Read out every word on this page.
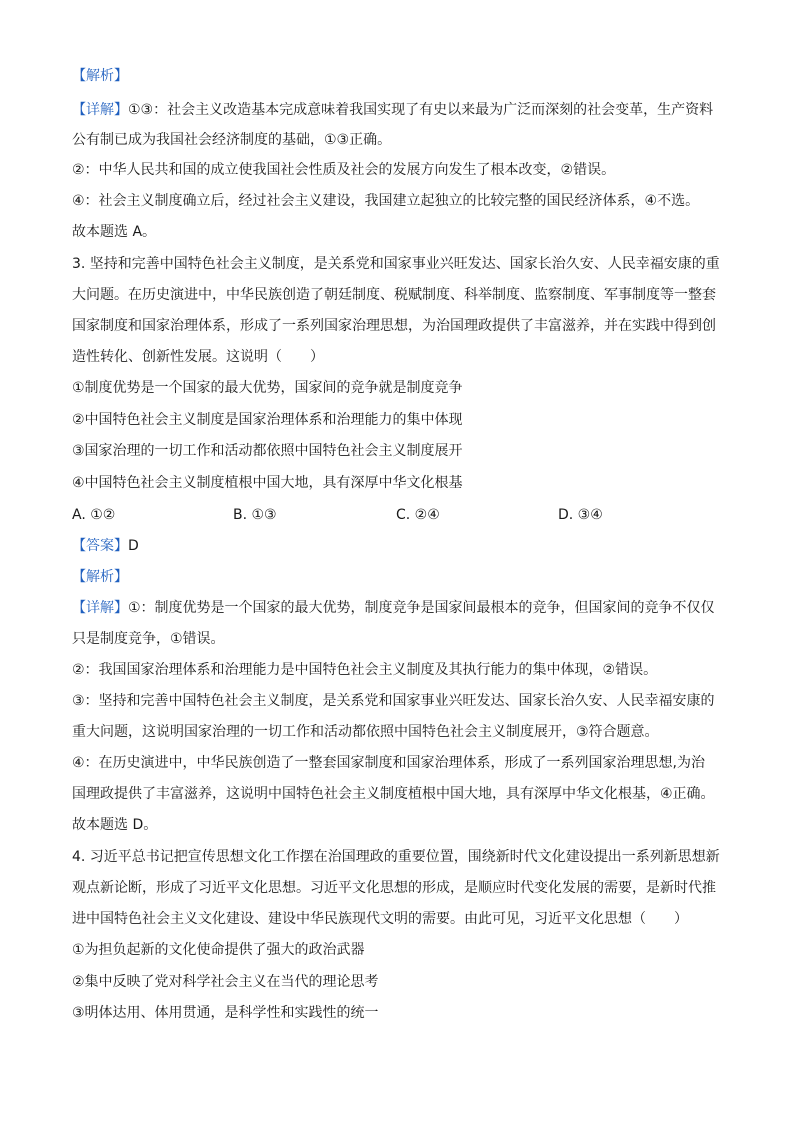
【解析】
【详解】①③：社会主义改造基本完成意味着我国实现了有史以来最为广泛而深刻的社会变革，生产资料
公有制已成为我国社会经济制度的基础，①③正确。
②：中华人民共和国的成立使我国社会性质及社会的发展方向发生了根本改变，②错误。
④：社会主义制度确立后，经过社会主义建设，我国建立起独立的比较完整的国民经济体系，④不选。
故本题选 A。
3. 坚持和完善中国特色社会主义制度，是关系党和国家事业兴旺发达、国家长治久安、人民幸福安康的重
大问题。在历史演进中，中华民族创造了朝廷制度、税赋制度、科举制度、监察制度、军事制度等一整套
国家制度和国家治理体系，形成了一系列国家治理思想，为治国理政提供了丰富滋养，并在实践中得到创
造性转化、创新性发展。这说明（　　）
①制度优势是一个国家的最大优势，国家间的竞争就是制度竞争
②中国特色社会主义制度是国家治理体系和治理能力的集中体现
③国家治理的一切工作和活动都依照中国特色社会主义制度展开
④中国特色社会主义制度植根中国大地，具有深厚中华文化根基
A. ①②	B. ①③	C. ②④	D. ③④
【答案】D
【解析】
【详解】①：制度优势是一个国家的最大优势，制度竞争是国家间最根本的竞争，但国家间的竞争不仅仅
只是制度竞争，①错误。
②：我国国家治理体系和治理能力是中国特色社会主义制度及其执行能力的集中体现，②错误。
③：坚持和完善中国特色社会主义制度，是关系党和国家事业兴旺发达、国家长治久安、人民幸福安康的
重大问题，这说明国家治理的一切工作和活动都依照中国特色社会主义制度展开，③符合题意。
④：在历史演进中，中华民族创造了一整套国家制度和国家治理体系，形成了一系列国家治理思想,为治
国理政提供了丰富滋养，这说明中国特色社会主义制度植根中国大地，具有深厚中华文化根基，④正确。
故本题选 D。
4. 习近平总书记把宣传思想文化工作摆在治国理政的重要位置，围绕新时代文化建设提出一系列新思想新
观点新论断，形成了习近平文化思想。习近平文化思想的形成，是顺应时代变化发展的需要，是新时代推
进中国特色社会主义文化建设、建设中华民族现代文明的需要。由此可见，习近平文化思想（　　）
①为担负起新的文化使命提供了强大的政治武器
②集中反映了党对科学社会主义在当代的理论思考
③明体达用、体用贯通，是科学性和实践性的统一
